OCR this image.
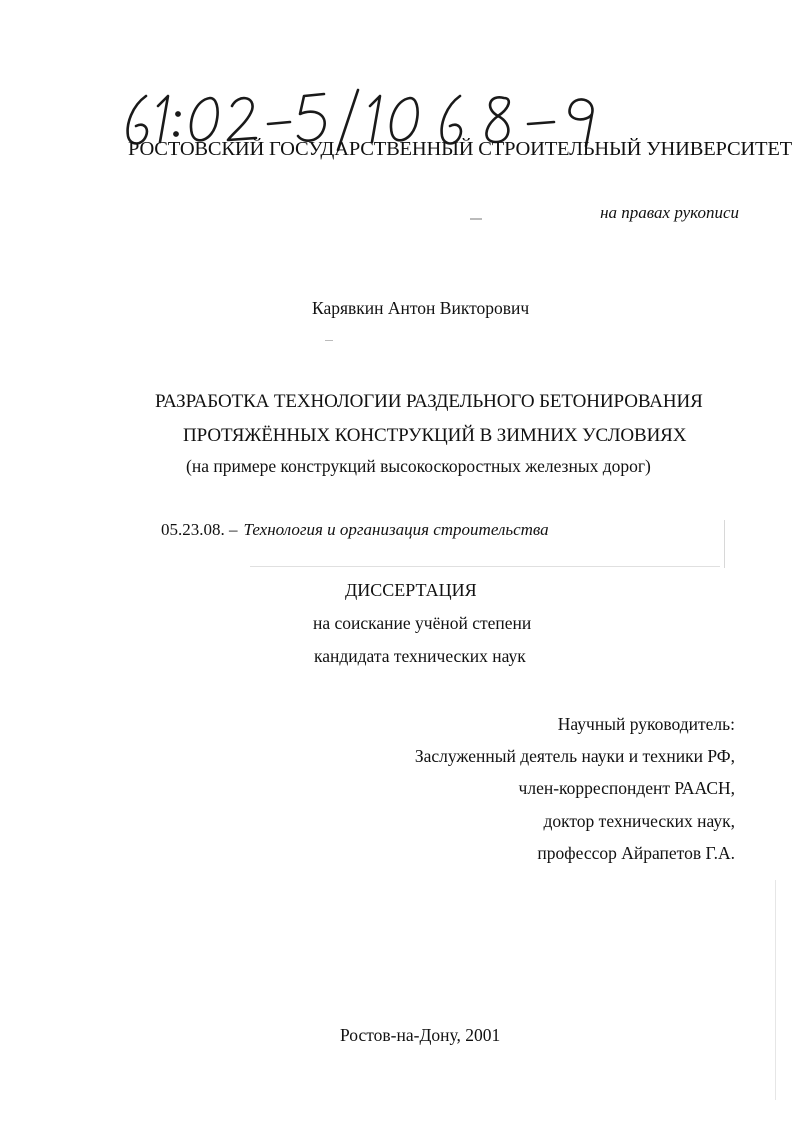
РОСТОВСКИЙ ГОСУДАРСТВЕННЫЙ СТРОИТЕЛЬНЫЙ УНИВЕРСИТЕТ
на правах рукописи
Карявкин Антон Викторович
РАЗРАБОТКА ТЕХНОЛОГИИ РАЗДЕЛЬНОГО БЕТОНИРОВАНИЯ
ПРОТЯЖЁННЫХ КОНСТРУКЦИЙ В ЗИМНИХ УСЛОВИЯХ
(на примере конструкций высокоскоростных железных дорог)
05.23.08. – Технология и организация строительства
ДИССЕРТАЦИЯ
на соискание учёной степени
кандидата технических наук
Научный руководитель:
Заслуженный деятель науки и техники РФ,
член-корреспондент РААСН,
доктор технических наук,
профессор Айрапетов Г.А.
Ростов-на-Дону, 2001
